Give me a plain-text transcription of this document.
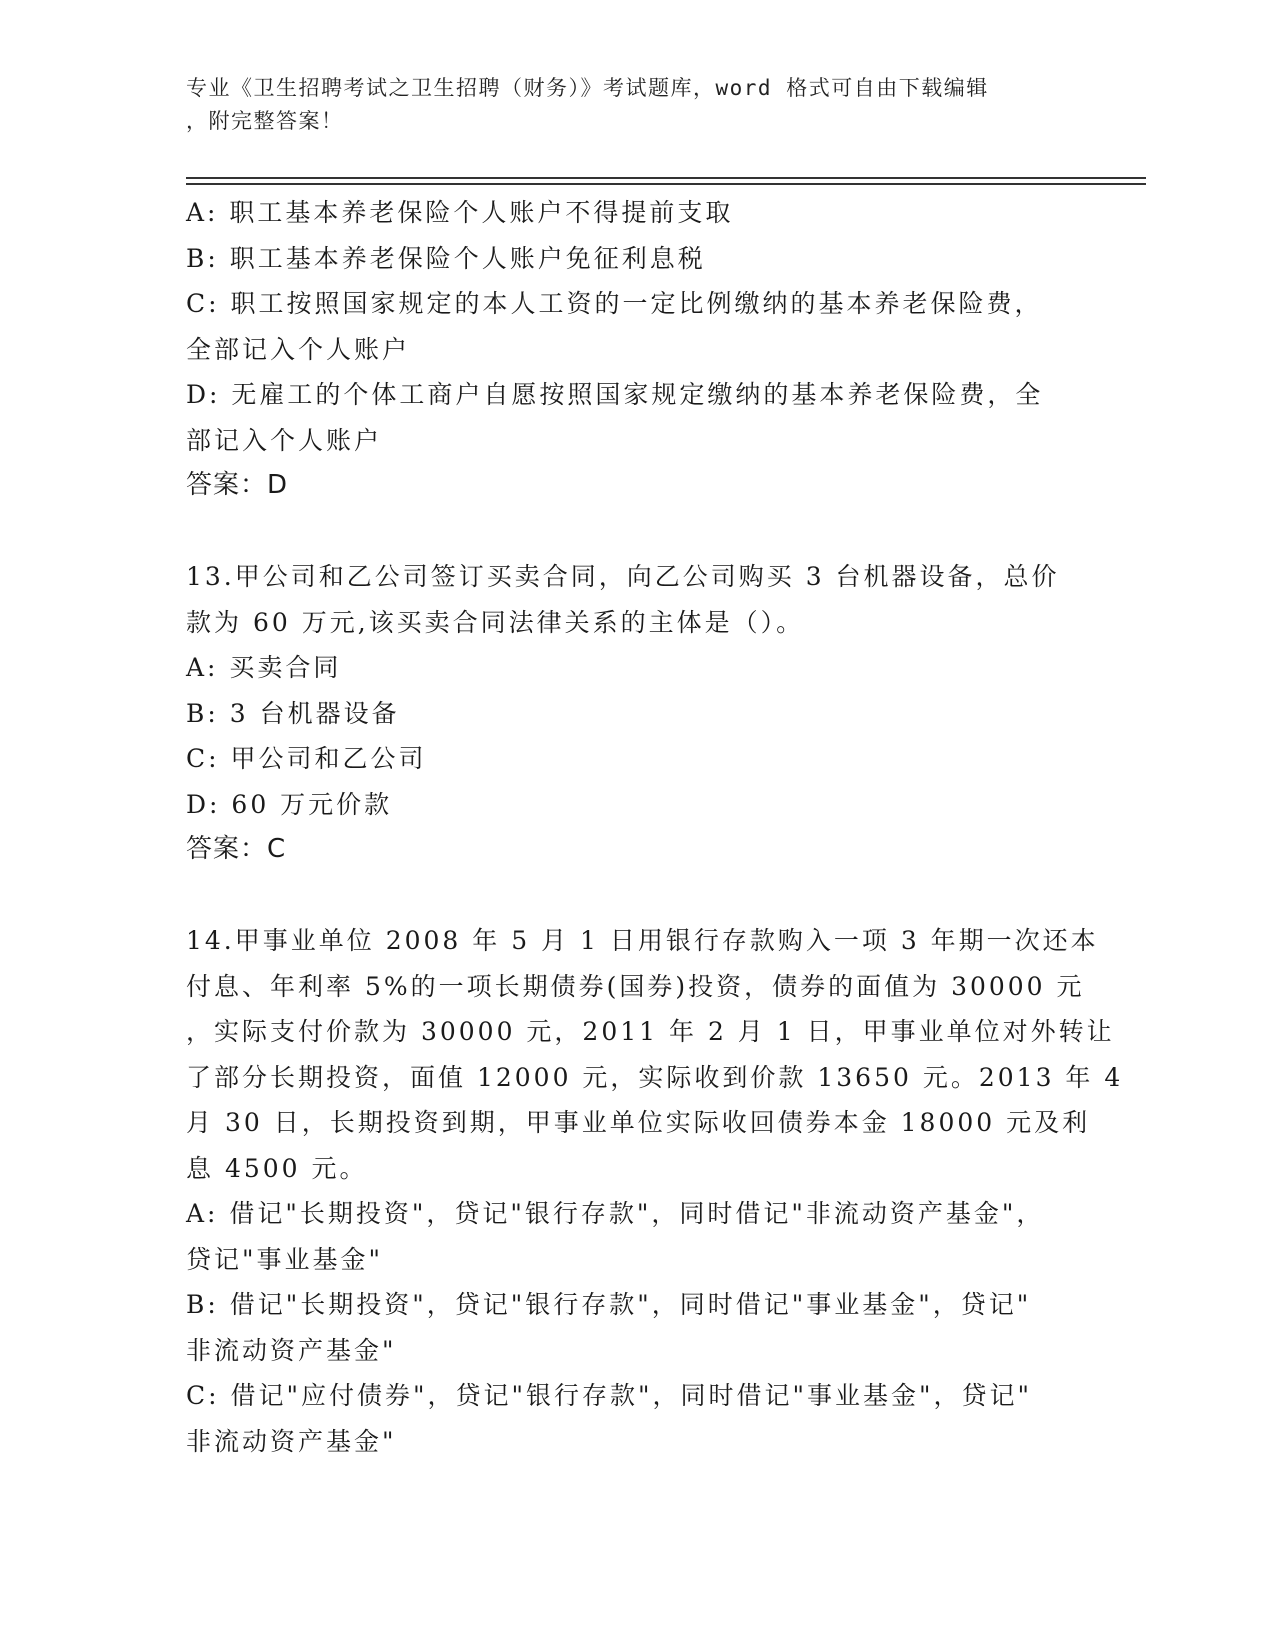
专业《卫生招聘考试之卫生招聘（财务）》考试题库，word 格式可自由下载编辑
，附完整答案！
A: 职工基本养老保险个人账户不得提前支取
B: 职工基本养老保险个人账户免征利息税
C: 职工按照国家规定的本人工资的一定比例缴纳的基本养老保险费，
全部记入个人账户
D: 无雇工的个体工商户自愿按照国家规定缴纳的基本养老保险费，全
部记入个人账户
答案：D
13.甲公司和乙公司签订买卖合同，向乙公司购买 3 台机器设备，总价
款为 60 万元,该买卖合同法律关系的主体是（）。
A: 买卖合同
B: 3 台机器设备
C: 甲公司和乙公司
D: 60 万元价款
答案：C
14.甲事业单位 2008 年 5 月 1 日用银行存款购入一项 3 年期一次还本
付息、年利率 5%的一项长期债券(国券)投资，债券的面值为 30000 元
，实际支付价款为 30000 元，2011 年 2 月 1 日，甲事业单位对外转让
了部分长期投资，面值 12000 元，实际收到价款 13650 元。2013 年 4
月 30 日，长期投资到期，甲事业单位实际收回债券本金 18000 元及利
息 4500 元。
A: 借记"长期投资"，贷记"银行存款"，同时借记"非流动资产基金"，
贷记"事业基金"
B: 借记"长期投资"，贷记"银行存款"，同时借记"事业基金"，贷记"
非流动资产基金"
C: 借记"应付债券"，贷记"银行存款"，同时借记"事业基金"，贷记"
非流动资产基金"
